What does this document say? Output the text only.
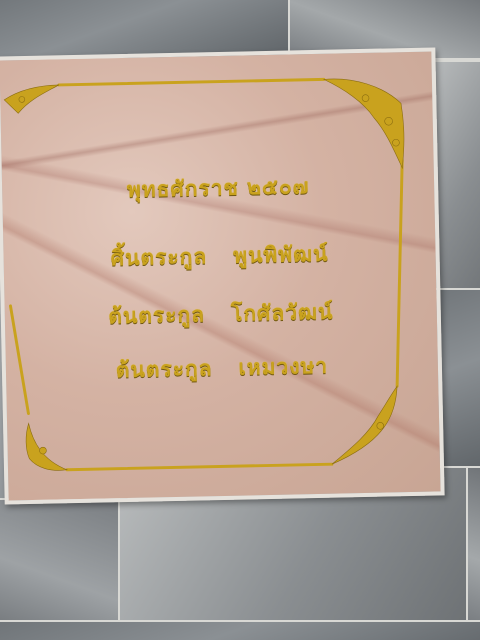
พุทธศักราช ๒๕๐๗
ศิ้นตระกูล พูนพิพัฒน์
ต้นตระกูล โกศัลวัฒน์
ต้นตระกูล เหมวงษา
